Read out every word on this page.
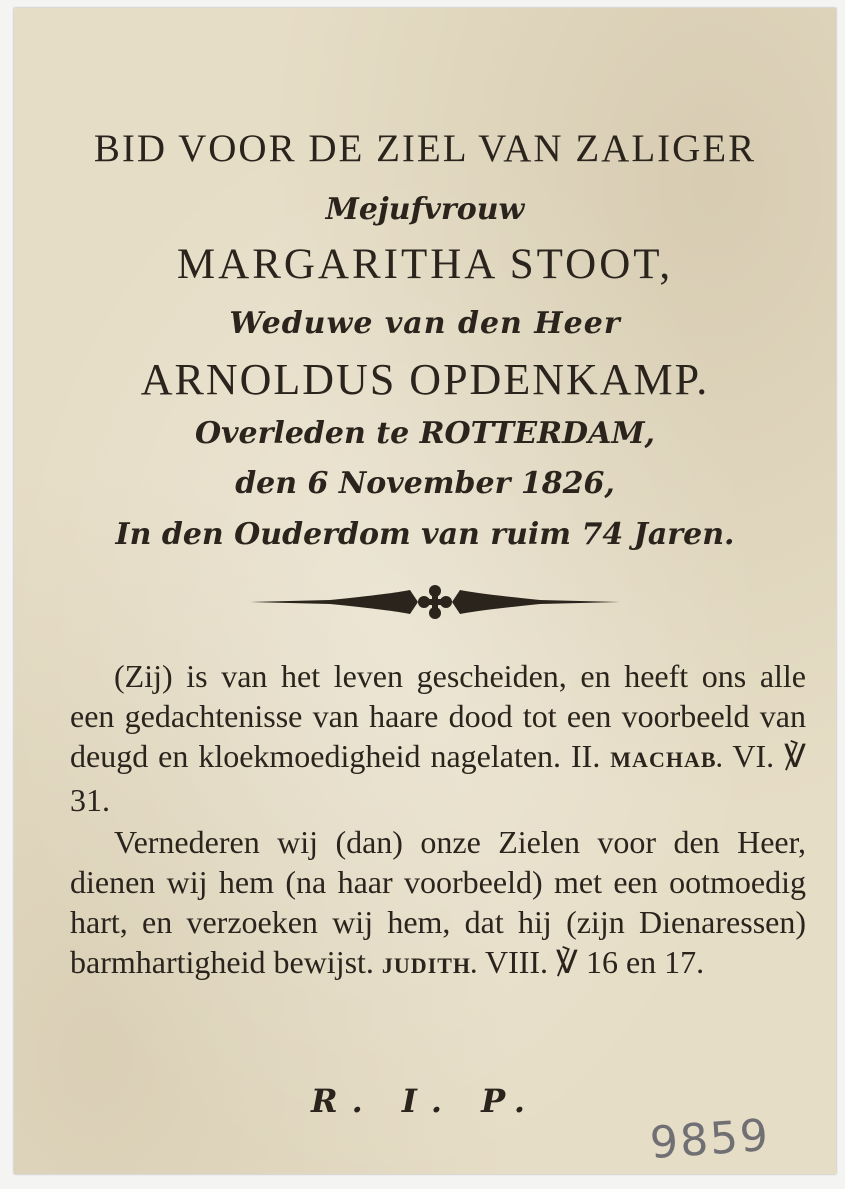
BID VOOR DE ZIEL VAN ZALIGER
Mejufvrouw
MARGARITHA STOOT,
Weduwe van den Heer
ARNOLDUS OPDENKAMP.
Overleden te ROTTERDAM,
den 6 November 1826,
In den Ouderdom van ruim 74 Jaren.
(Zij) is van het leven gescheiden, en heeft ons alle een gedachtenisse van haare dood tot een voorbeeld van deugd en kloekmoedigheid nagelaten. II. MACHAB. VI. ℣ 31.
Vernederen wij (dan) onze Zielen voor den Heer, dienen wij hem (na haar voorbeeld) met een ootmoedig hart, en verzoeken wij hem, dat hij (zijn Dienaressen) barmhartigheid bewijst. JUDITH. VIII. ℣ 16 en 17.
R. I. P.
9859
